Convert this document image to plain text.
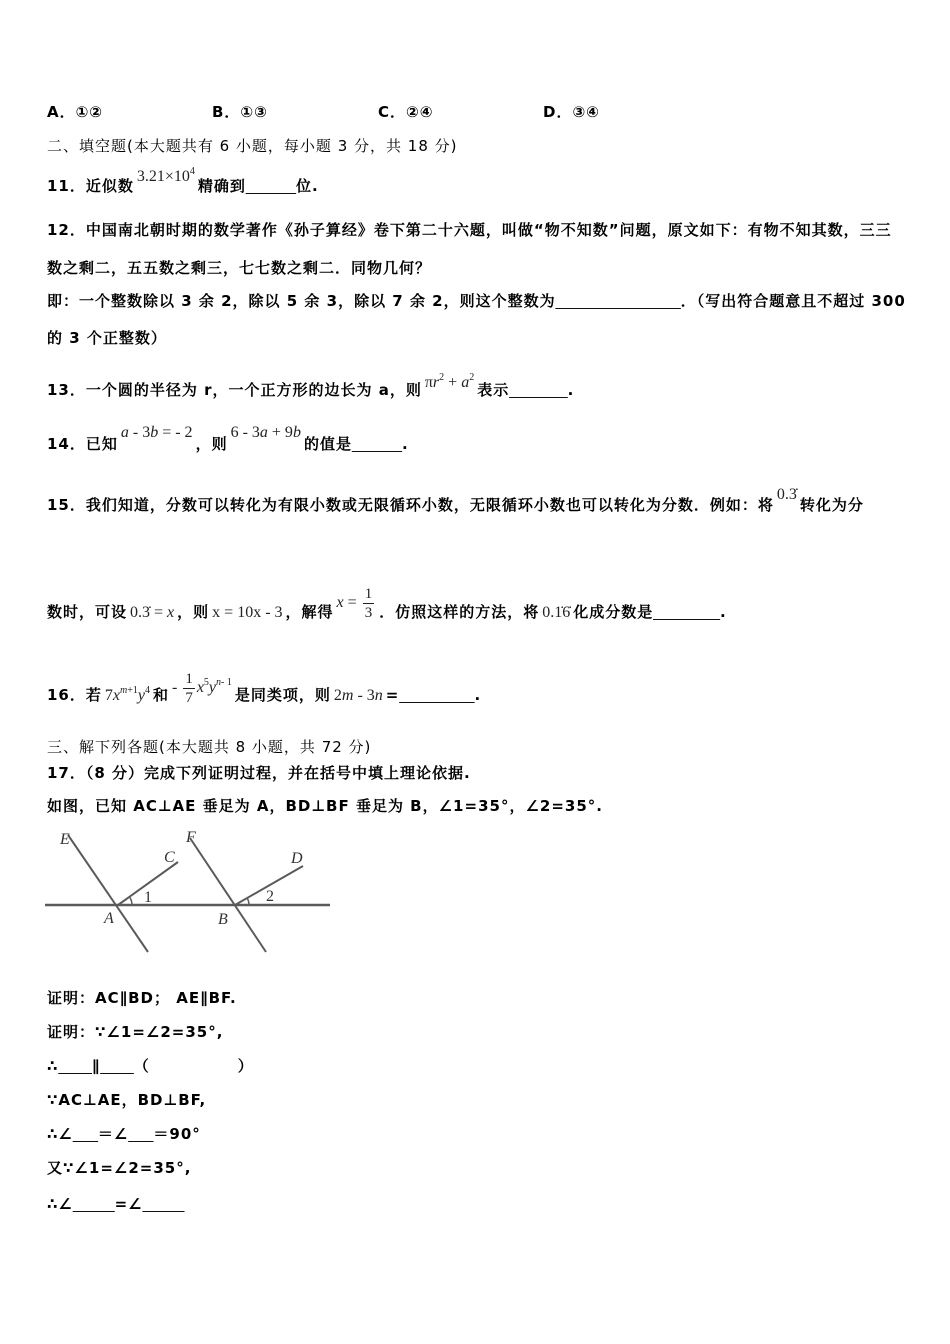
A．①②	B．①③	C．②④	D．③④
二、填空题(本大题共有 6 小题，每小题 3 分，共 18 分)
11．近似数$3.21\times 10^4$精确到______位.
12．中国南北朝时期的数学著作《孙子算经》卷下第二十六题，叫做“物不知数”问题，原文如下：有物不知其数，三三
数之剩二，五五数之剩三，七七数之剩二．同物几何？
即：一个整数除以 3 余 2，除以 5 余 3，除以 7 余 2，则这个整数为_______________．（写出符合题意且不超过 300
的 3 个正整数）
13．一个圆的半径为 r，一个正方形的边长为 a，则 $\pi r^2 + a^2$表示_______.
14．已知a - 3b = - 2，则6 - 3a + 9b的值是______.
15．我们知道，分数可以转化为有限小数或无限循环小数，无限循环小数也可以转化为分数．例如：将0.3̇转化为分
数时，可设 0.3̇ = x ，则 x = 10x - 3 ，解得$x = \frac{1}{3}$ ．仿照这样的方法，将 0.1̇6̇ 化成分数是________.
16．若 $7x^{m+1}y^4$ 和 - $\frac{1}{7} x^5y^{n- 1}$是同类项，则 2m - 3n =_________.
三、解下列各题(本大题共 8 小题，共 72 分)
17．（8 分）完成下列证明过程，并在括号中填上理论依据.
如图，已知 AC⊥AE 垂足为 A，BD⊥BF 垂足为 B，∠1=35°，∠2=35°.
E
C
1
A
F
D
2
B
证明：AC∥BD； AE∥BF.
证明：∵∠1=∠2=35°,
∴____∥____（	）
∵AC⊥AE，BD⊥BF,
∴∠___＝∠___＝90°
又∵∠1=∠2=35°,
∴∠_____=∠_____
